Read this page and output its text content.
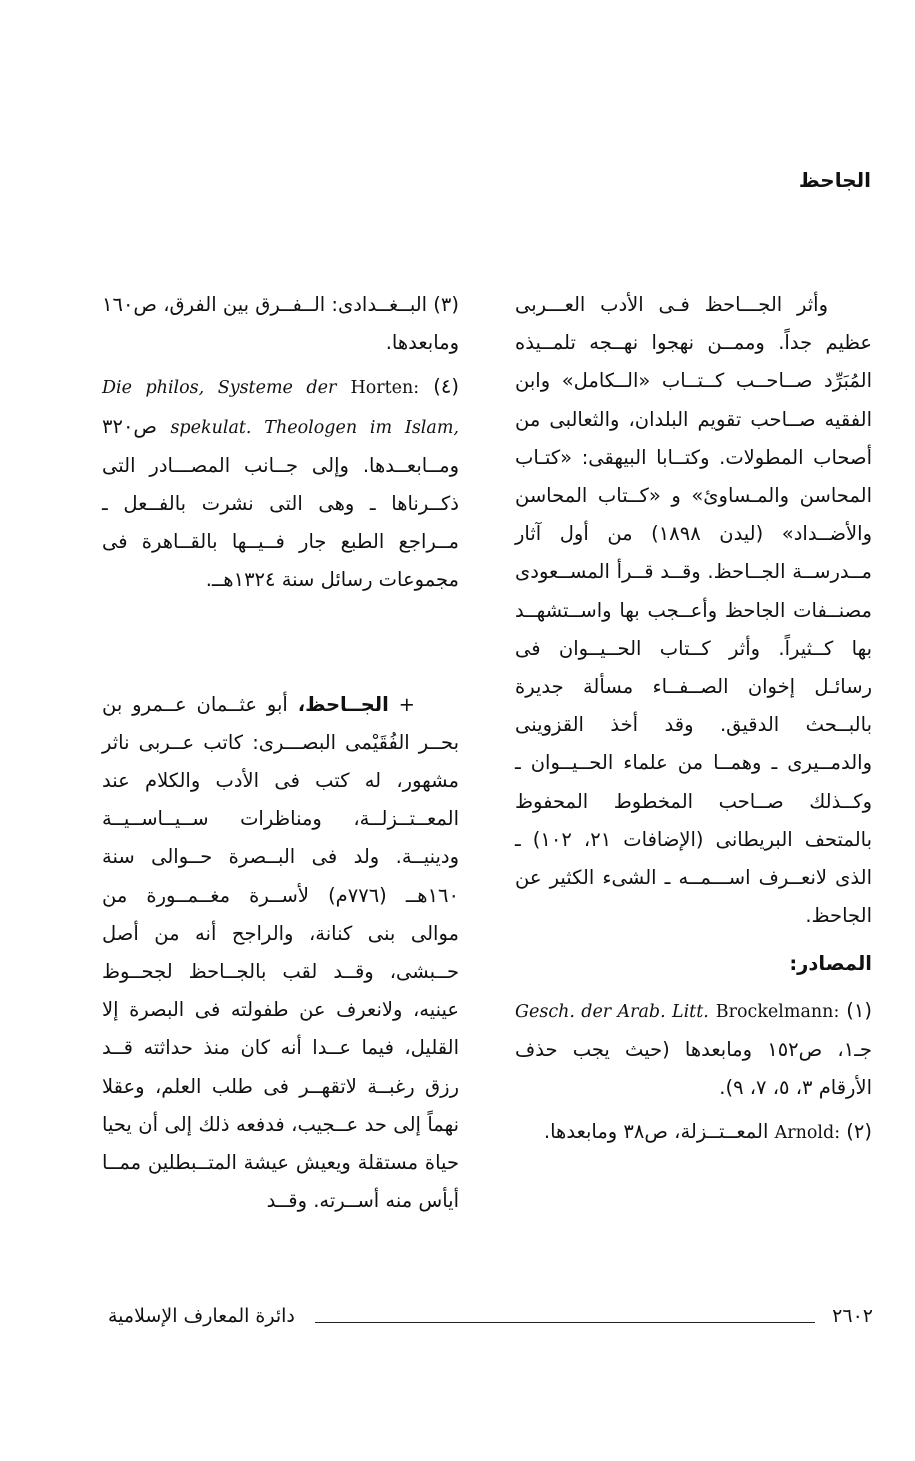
الجاحظ

وأثر الجـــاحظ فـى الأدب العـــربى عظيم جداً. وممــن نهجوا نهــجه تلمــيذه المُبَرِّد صــاحــب كــتــاب «الــكامل» وابن الفقيه صــاحب تقويم البلدان، والثعالبى من أصحاب المطولات. وكتــابا البيهقى: «كتـاب المحاسن والمـساوئ» و «كــتاب المحاسن والأضــداد» (ليدن ١٨٩٨) من أول آثار مــدرســة الجــاحظ. وقــد قــرأ المســعودى مصنــفات الجاحظ وأعــجب بها واســتشهــد بها كــثيراً. وأثر كــتاب الحــيــوان فى رسائـل إخوان الصــفــاء مسألة جديرة بالبــحث الدقيق. وقد أخذ القزوينى والدمــيرى ـ وهمــا من علماء الحــيــوان ـ وكــذلك صــاحب المخطوط المحفوظ بالمتحف البريطانى (الإضافات ٢١، ١٠٢) ـ الذى لانعــرف اســـمــه ـ الشىء الكثير عن الجاحظ.

المصادر:

(١) Brockelmann: Gesch. der Arab. Litt. جـ١، ص١٥٢ ومابعدها (حيث يجب حذف الأرقام ٣، ٥، ٧، ٩).

(٢) Arnold: المعــتــزلة، ص٣٨ ومابعدها.

(٣) البــغــدادى: الــفــرق بين الفرق، ص١٦٠ ومابعدها.

(٤) Horten: Die philos, Systeme der spekulat. Theologen im Islam, ص٣٢٠ ومــابعــدها. وإلى جــانب المصـــادر التى ذكــرناها ـ وهى التى نشرت بالفــعل ـ مــراجع الطبع جار فــيــها بالقــاهرة فى مجموعات رسائل سنة ١٣٢٤هــ.

+ الجــاحظ، أبو عثــمان عــمرو بن بحــر الفُقَيْمى البصـــرى: كاتب عــربى ناثر مشهور، له كتب فى الأدب والكلام عند المعــتــزلــة، ومناظرات ســيــاســيــة ودينيــة. ولد فى البــصرة حــوالى سنة ١٦٠هــ (٧٧٦م) لأســرة مغــمــورة من موالى بنى كنانة، والراجح أنه من أصل حــبشى، وقــد لقب بالجــاحظ لجحــوظ عينيه، ولانعرف عن طفولته فى البصرة إلا القليل، فيما عــدا أنه كان منذ حداثته قــد رزق رغبــة لاتقهــر فى طلب العلم، وعقلا نهماً إلى حد عــجيب، فدفعه ذلك إلى أن يحيا حياة مستقلة ويعيش عيشة المتــبطلين ممــا أيأس منه أســرته. وقــد

دائرة المعارف الإسلامية	٢٦٠٢
